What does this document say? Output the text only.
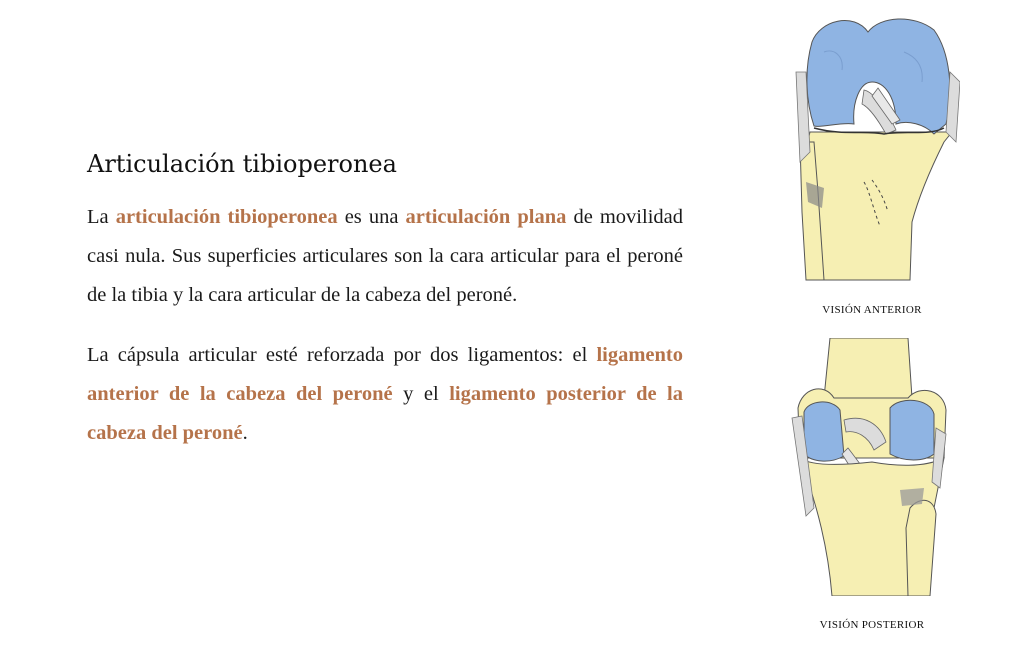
Articulación tibioperonea

La articulación tibioperonea es una articulación plana de movilidad casi nula. Sus superficies articulares son la cara articular para el peroné de la tibia y la cara articular de la cabeza del peroné.

La cápsula articular esté reforzada por dos ligamentos: el ligamento anterior de la cabeza del peroné y el ligamento posterior de la cabeza del peroné.

VISIÓN ANTERIOR
VISIÓN POSTERIOR
